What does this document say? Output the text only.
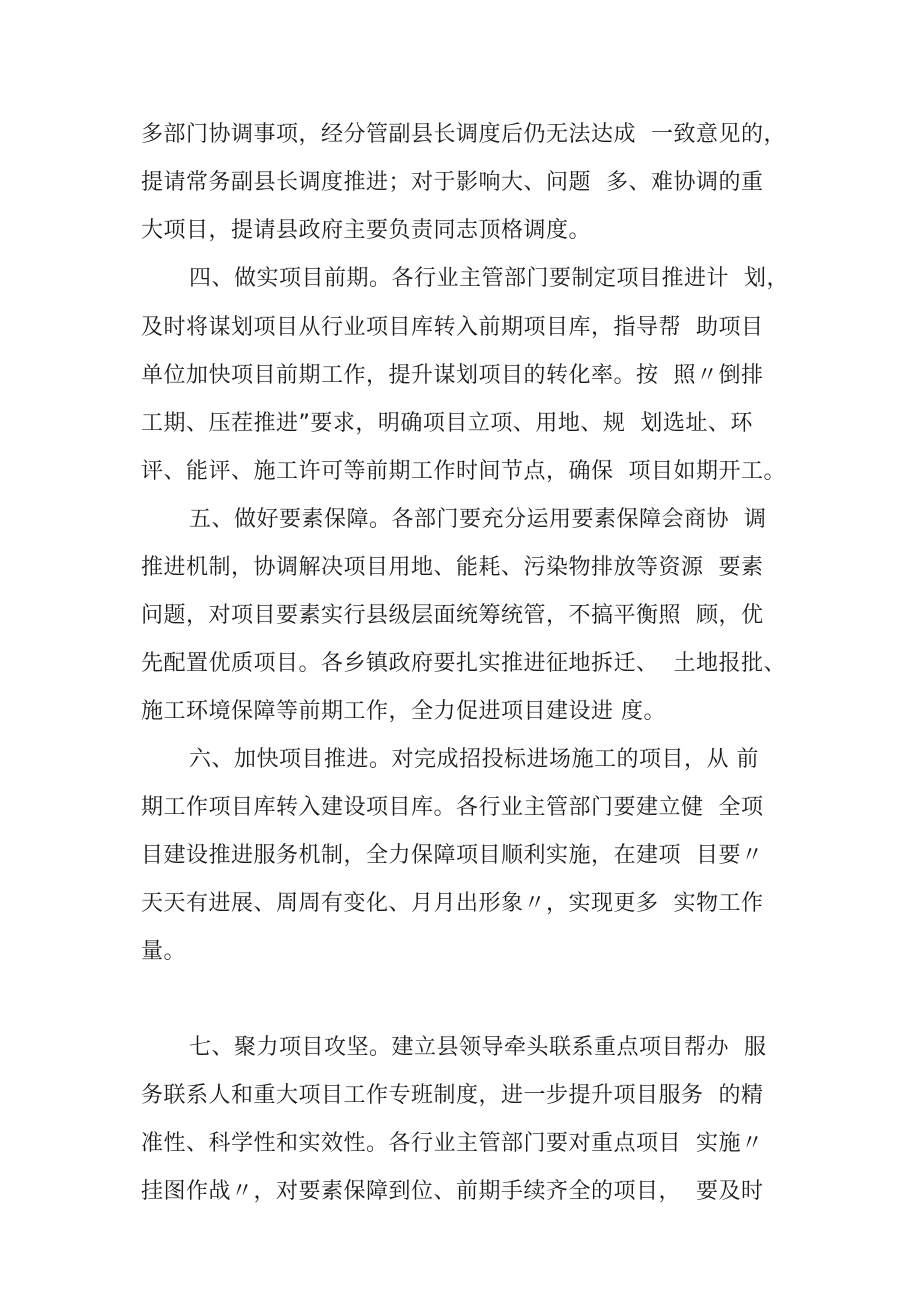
多部门协调事项，经分管副县长调度后仍无法达成  一致意见的，
提请常务副县长调度推进；对于影响大、问题  多、难协调的重
大项目，提请县政府主要负责同志顶格调度。
四、做实项目前期。各行业主管部门要制定项目推进计  划，
及时将谋划项目从行业项目库转入前期项目库，指导帮  助项目
单位加快项目前期工作，提升谋划项目的转化率。按  照〃倒排
工期、压茬推进”要求，明确项目立项、用地、规  划选址、环
评、能评、施工许可等前期工作时间节点，确保  项目如期开工。
五、做好要素保障。各部门要充分运用要素保障会商协  调
推进机制，协调解决项目用地、能耗、污染物排放等资源  要素
问题，对项目要素实行县级层面统筹统管，不搞平衡照  顾，优
先配置优质项目。各乡镇政府要扎实推进征地拆迁、  土地报批、
施工环境保障等前期工作，全力促进项目建设进 度。
六、加快项目推进。对完成招投标进场施工的项目，从 前
期工作项目库转入建设项目库。各行业主管部门要建立健  全项
目建设推进服务机制，全力保障项目顺利实施，在建项  目要〃
天天有进展、周周有变化、月月出形象〃，实现更多  实物工作
量。
七、聚力项目攻坚。建立县领导牵头联系重点项目帮办  服
务联系人和重大项目工作专班制度，进一步提升项目服务  的精
准性、科学性和实效性。各行业主管部门要对重点项目  实施〃
挂图作战〃，对要素保障到位、前期手续齐全的项目，  要及时
